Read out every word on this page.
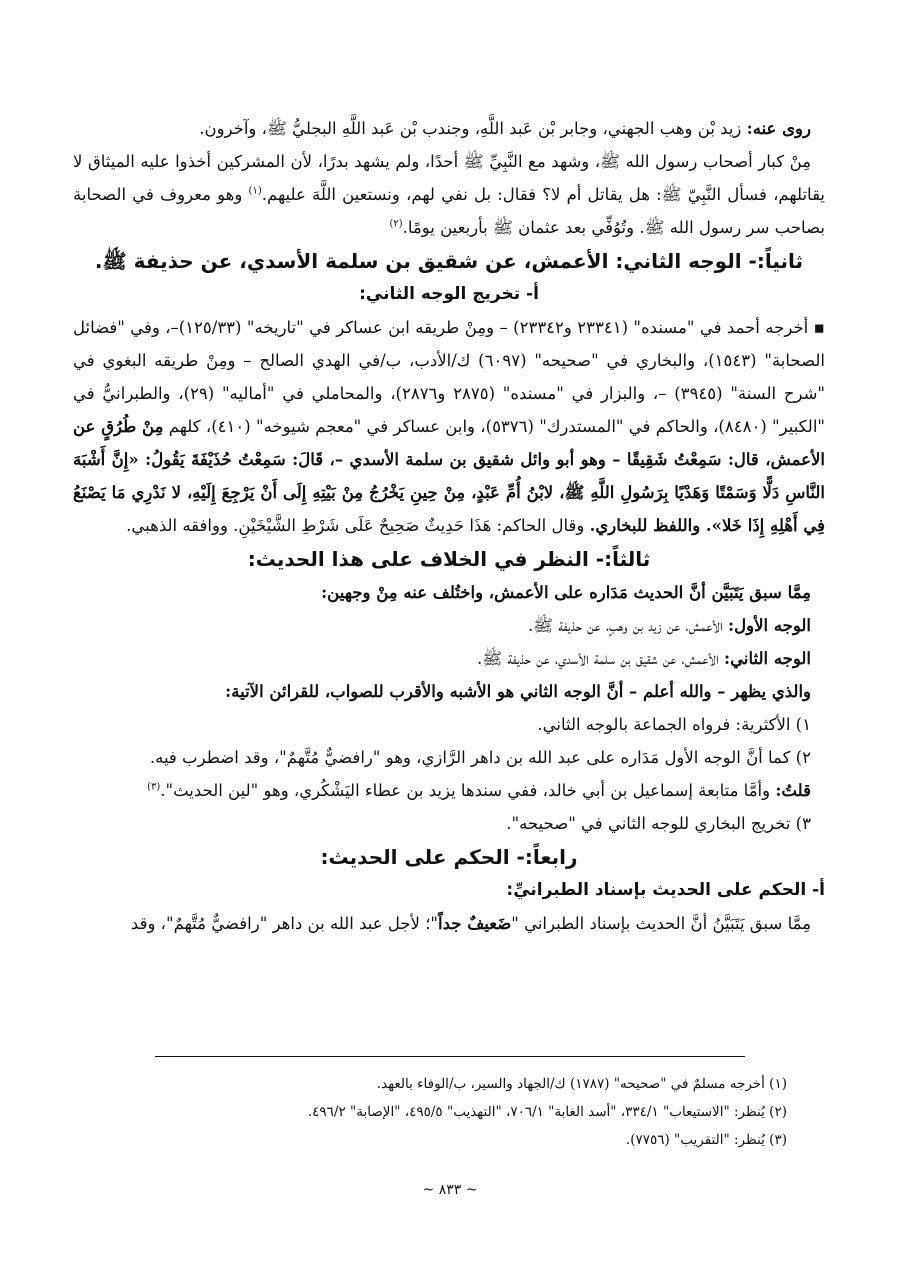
روى عنه: زيد بْن وهب الجهني، وجابر بْن عَبد اللَّهِ، وجندب بْن عَبد اللَّهِ البجليُّ ﷺ، وآخرون.

مِنْ كبار أصحاب رسول الله ﷺ، وشهد مع النَّبِيِّ ﷺ أحدًا، ولم يشهد بدرًا، لأن المشركين أخذوا عليه الميثاق لا يقاتلهم، فسأل النَّبِيّ ﷺ: هل يقاتل أم لا؟ فقال: بل نفي لهم، ونستعين اللَّهَ عليهم.$^{(١)}$ وهو معروف في الصحابة بصاحب سر رسول الله ﷺ. وتُوُفِّي بعد عثمان ﷺ بأربعين يومًا.$^{(٢)}$

ثانياً:- الوجه الثاني: الأعمش، عن شقيق بن سلمة الأسدي، عن حذيفة ﷺ.
أ- تخريج الوجه الثاني:

▪ أخرجه أحمد في "مسنده" (٢٣٣٤١ و٢٣٣٤٢) – ومِنْ طريقه ابن عساكر في "تاريخه" (١٢٥/٣٣)–، وفي "فضائل الصحابة" (١٥٤٣)، والبخاري في "صحيحه" (٦٠٩٧) ك/الأدب، ب/في الهدي الصالح – ومِنْ طريقه البغوي في "شرح السنة" (٣٩٤٥) –، والبزار في "مسنده" (٢٨٧٥ و٢٨٧٦)، والمحاملي في "أماليه" (٢٩)، والطبرانيُّ في "الكبير" (٨٤٨٠)، والحاكم في "المستدرك" (٥٣٧٦)، وابن عساكر في "معجم شيوخه" (٤١٠)، كلهم مِنْ طُرُقٍ عن الأعمش، قال: سَمِعْتُ شَقِيقًا – وهو أبو وائل شقيق بن سلمة الأسدي –، قَالَ: سَمِعْتُ حُذَيْفَةَ يَقُولُ: «إِنَّ أَشْبَهَ النَّاسِ دَلًّا وَسَمْتًا وَهَدْيًا بِرَسُولِ اللَّهِ ﷺ، لابْنُ أُمِّ عَبْدٍ، مِنْ حِينِ يَخْرُجُ مِنْ بَيْتِهِ إِلَى أَنْ يَرْجِعَ إِلَيْهِ، لا نَدْرِي مَا يَصْنَعُ فِي أَهْلِهِ إِذَا خَلا». واللفظ للبخاري. وقال الحاكم: هَذَا حَدِيثٌ صَحِيحٌ عَلَى شَرْطِ الشَّيْخَيْنِ. ووافقه الذهبي.

ثالثاً:- النظر في الخلاف على هذا الحديث:

مِمَّا سبق يَتَبَيَّن أنَّ الحديث مَدَاره على الأعمش، واختُلف عنه مِنْ وجهين:

الوجه الأول: الأعمش، عن زيد بن وهبٍ، عن حذيفة ﷺ.

الوجه الثاني: الأعمش، عن شقيق بن سلمة الأسدي، عن حذيفة ﷺ.

والذي يظهر – والله أعلم – أنَّ الوجه الثاني هو الأشبه والأقرب للصواب، للقرائن الآتية:

١) الأكثرية: فرواه الجماعة بالوجه الثاني.

٢) كما أنَّ الوجه الأول مَدَاره على عبد الله بن داهر الرَّازي، وهو "رافضيٌّ مُتَّهمٌ"، وقد اضطرب فيه.

قلتُ: وأمَّا متابعة إسماعيل بن أبي خالد، ففي سندها يزيد بن عطاء اليَشْكُري، وهو "لين الحديث".$^{(٣)}$

٣) تخريج البخاري للوجه الثاني في "صحيحه".

رابعاً:- الحكم على الحديث:
أ- الحكم على الحديث بإسناد الطبرانيِّ:

مِمَّا سبق يَتَبَيَّنُ أنَّ الحديث بإسناد الطبراني "ضَعيفٌ جداً"؛ لأجل عبد الله بن داهر "رافضيٌّ مُتَّهمٌ"، وقد

(١) أخرجه مسلمٌ في "صحيحه" (١٧٨٧) ك/الجهاد والسير، ب/الوفاء بالعهد.

(٢) يُنظر: "الاستيعاب" ٣٣٤/١، "أسد الغابة" ٧٠٦/١، "التهذيب" ٤٩٥/٥، "الإصابة" ٤٩٦/٢.

(٣) يُنظر: "التقريب" (٧٧٥٦).

~ ٨٣٣ ~
